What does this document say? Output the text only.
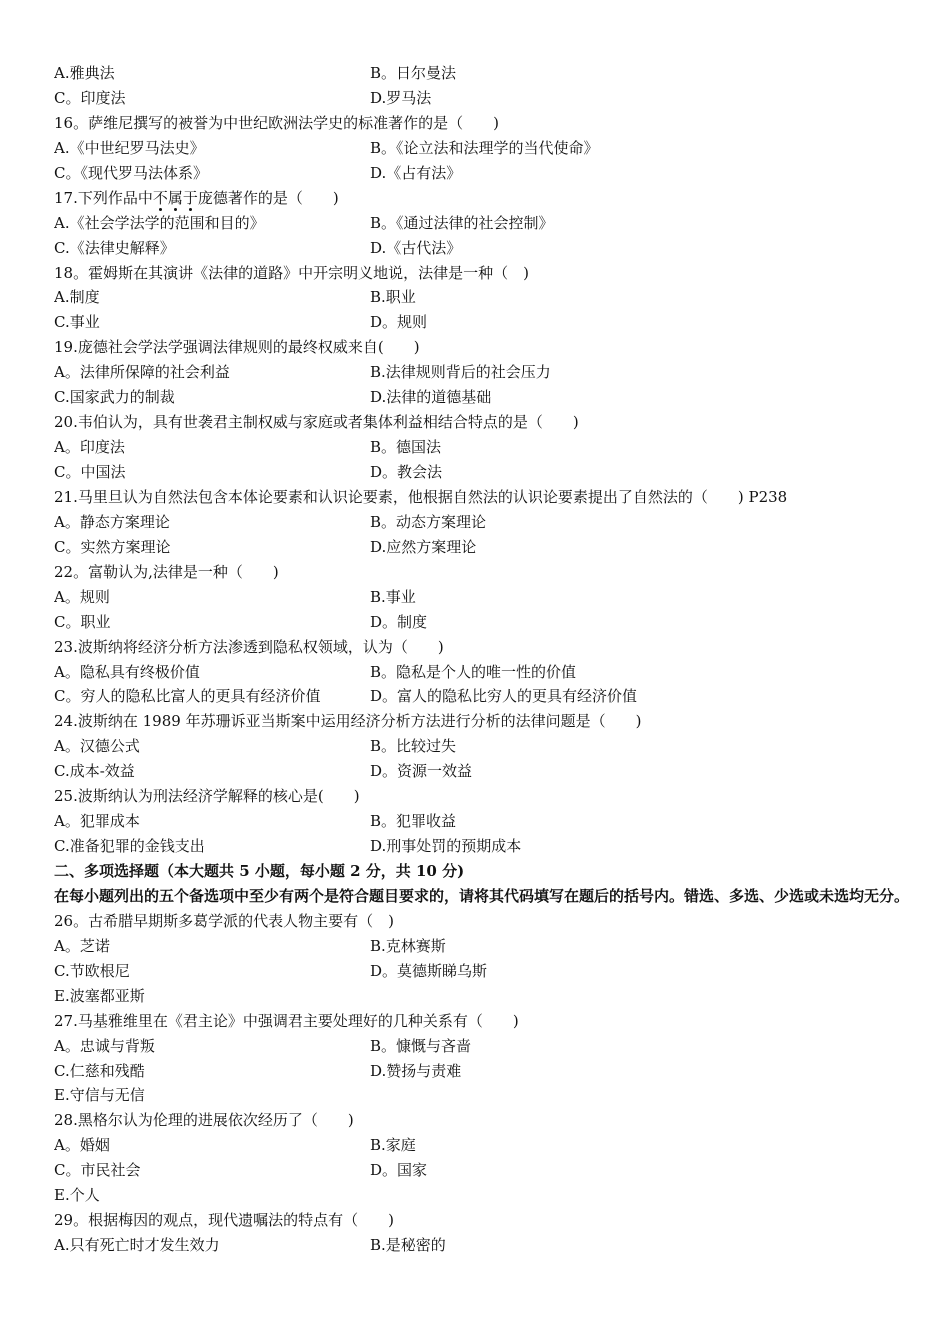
A.雅典法	B。日尔曼法
C。印度法	D.罗马法
16。萨维尼撰写的被誉为中世纪欧洲法学史的标准著作的是（　　)
A.《中世纪罗马法史》	B。《论立法和法理学的当代使命》
C。《现代罗马法体系》	D.《占有法》
17.下列作品中不属于庞德著作的是（　　)
A.《社会学法学的范围和目的》	B。《通过法律的社会控制》
C.《法律史解释》	D.《古代法》
18。霍姆斯在其演讲《法律的道路》中开宗明义地说，法律是一种（　)
A.制度	B.职业
C.事业	D。规则
19.庞德社会学法学强调法律规则的最终权威来自(　　)
A。法律所保障的社会利益	B.法律规则背后的社会压力
C.国家武力的制裁	D.法律的道德基础
20.韦伯认为，具有世袭君主制权威与家庭或者集体利益相结合特点的是（　　)
A。印度法	B。德国法
C。中国法	D。教会法
21.马里旦认为自然法包含本体论要素和认识论要素，他根据自然法的认识论要素提出了自然法的（　　) P238
A。静态方案理论	B。动态方案理论
C。实然方案理论	D.应然方案理论
22。富勒认为,法律是一种（　　)
A。规则	B.事业
C。职业	D。制度
23.波斯纳将经济分析方法渗透到隐私权领域，认为（　　)
A。隐私具有终极价值	B。隐私是个人的唯一性的价值
C。穷人的隐私比富人的更具有经济价值	D。富人的隐私比穷人的更具有经济价值
24.波斯纳在 1989 年苏珊诉亚当斯案中运用经济分析方法进行分析的法律问题是（　　)
A。汉德公式	B。比较过失
C.成本-效益	D。资源一效益
25.波斯纳认为刑法经济学解释的核心是(　　)
A。犯罪成本	B。犯罪收益
C.准备犯罪的金钱支出	D.刑事处罚的预期成本
二、多项选择题（本大题共 5 小题，每小题 2 分，共 10 分)
在每小题列出的五个备选项中至少有两个是符合题目要求的，请将其代码填写在题后的括号内。错选、多选、少选或未选均无分。
26。古希腊早期斯多葛学派的代表人物主要有（　)
A。芝诺	B.克林赛斯
C.节欧根尼	D。莫德斯睇乌斯
E.波塞都亚斯
27.马基雅维里在《君主论》中强调君主要处理好的几种关系有（　　)
A。忠诚与背叛	B。慷慨与吝啬
C.仁慈和残酷	D.赞扬与责难
E.守信与无信
28.黑格尔认为伦理的进展依次经历了（　　)
A。婚姻	B.家庭
C。市民社会	D。国家
E.个人
29。根据梅因的观点，现代遗嘱法的特点有（　　)
A.只有死亡时才发生效力	B.是秘密的
